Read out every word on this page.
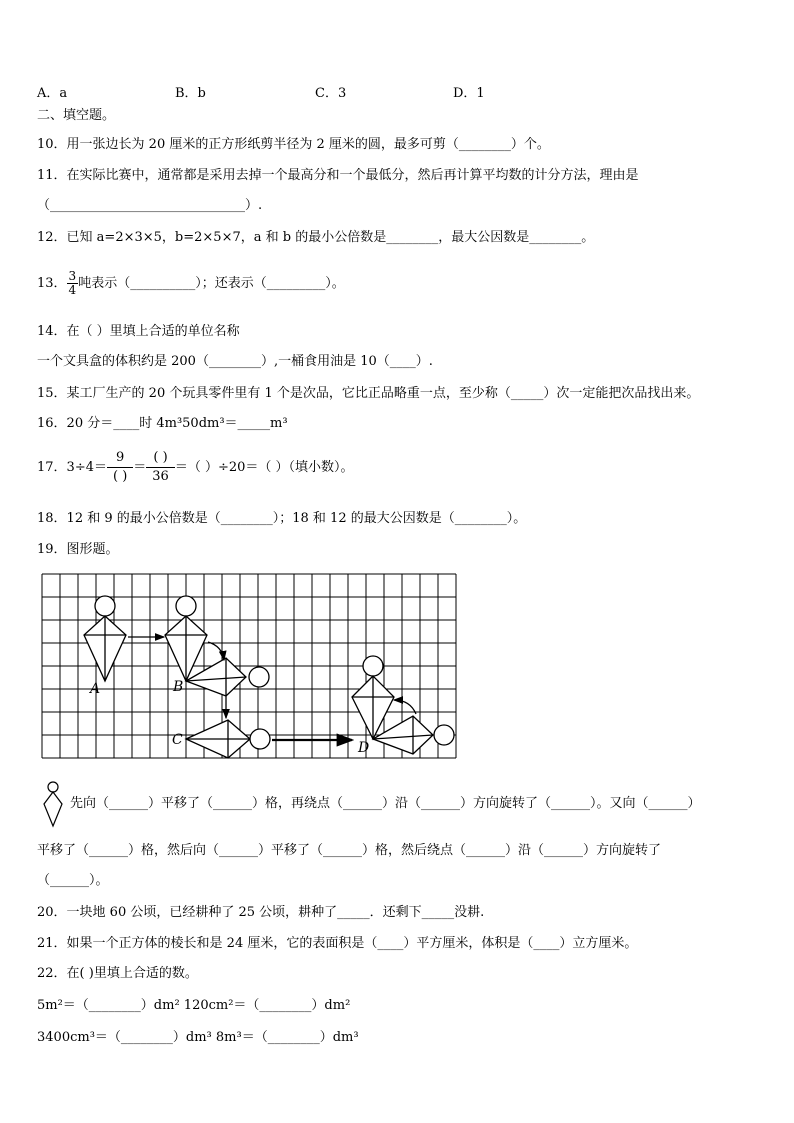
A．a	B．b	C．3	D．1
二、填空题。
10．用一张边长为 20 厘米的正方形纸剪半径为 2 厘米的圆，最多可剪（________）个。
11．在实际比赛中，通常都是采用去掉一个最高分和一个最低分，然后再计算平均数的计分方法，理由是
（______________________________）.
12．已知 a=2×3×5，b=2×5×7，a 和 b 的最小公倍数是________，最大公因数是________。
13． $\frac{3}{4}$ 吨表示（__________）；还表示（_________）。
14．在（ ）里填上合适的单位名称
一个文具盒的体积约是 200（________）,一桶食用油是 10（____）.
15．某工厂生产的 20 个玩具零件里有 1 个是次品，它比正品略重一点，至少称（_____）次一定能把次品找出来。
16．20 分＝____时 4m³50dm³＝_____m³
17．$3\div 4= \frac{9}{( )} = \frac{( )}{36}$ ＝（ ）÷20＝（ ）（填小数）。
18．12 和 9 的最小公倍数是（________）；18 和 12 的最大公因数是（________）。
19．图形题。
A	B
C	D
先向（______）平移了（______）格，再绕点（______）沿（______）方向旋转了（______）。又向（______）
平移了（______）格，然后向（______）平移了（______）格，然后绕点（______）沿（______）方向旋转了
（______）。
20．一块地 60 公顷，已经耕种了 25 公顷，耕种了_____．还剩下_____没耕.
21．如果一个正方体的棱长和是 24 厘米，它的表面积是（____）平方厘米，体积是（____）立方厘米。
22．在( )里填上合适的数。
5m²＝（________）dm² 120cm²＝（________）dm²
3400cm³＝（________）dm³ 8m³＝（________）dm³
